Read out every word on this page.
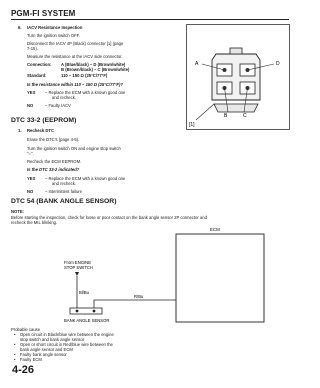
PGM-FI SYSTEM
6. IACV Resistance Inspection
Turn the ignition switch OFF.
Disconnect the IACV 4P (Black) connector [1] (page
7-15).
Measure the resistance at the IACV side connector.
Connection: A (Blue/black) – D (Brown/white)
B (Brown/black) – C (Brown/white)
Standard:	110 – 150 Ω (25°C/77°F)
Is the resistance within 110 – 150 Ω (25°C/77°F)?
YES – Replace the ECM with a known good one
and recheck.
NO	– Faulty IACV
A	D
B	C
[1]
DTC 33-2 (EEPROM)
1. Recheck DTC
Erase the DTC's (page 4-5).
Turn the ignition switch ON and engine stop switch
"○".
Recheck the ECM EEPROM.
Is the DTC 33-2 indicated?
YES – Replace the ECM with a known good one
and recheck.
NO	– Intermittent failure
DTC 54 (BANK ANGLE SENSOR)
NOTE:
Before starting the inspection, check for loose or poor contact on the bank angle sensor 2P connector and
recheck the MIL blinking.
ECM
From ENGINE
STOP SWITCH
Bl/Bu
R/Bu
BANK ANGLE SENSOR
Probable cause
• Open circuit in Black/blue wire between the engine
stop switch and bank angle sensor
• Open or short circuit in Red/blue wire between the
bank angle sensor and ECM
• Faulty bank angle sensor
• Faulty ECM
4-26
